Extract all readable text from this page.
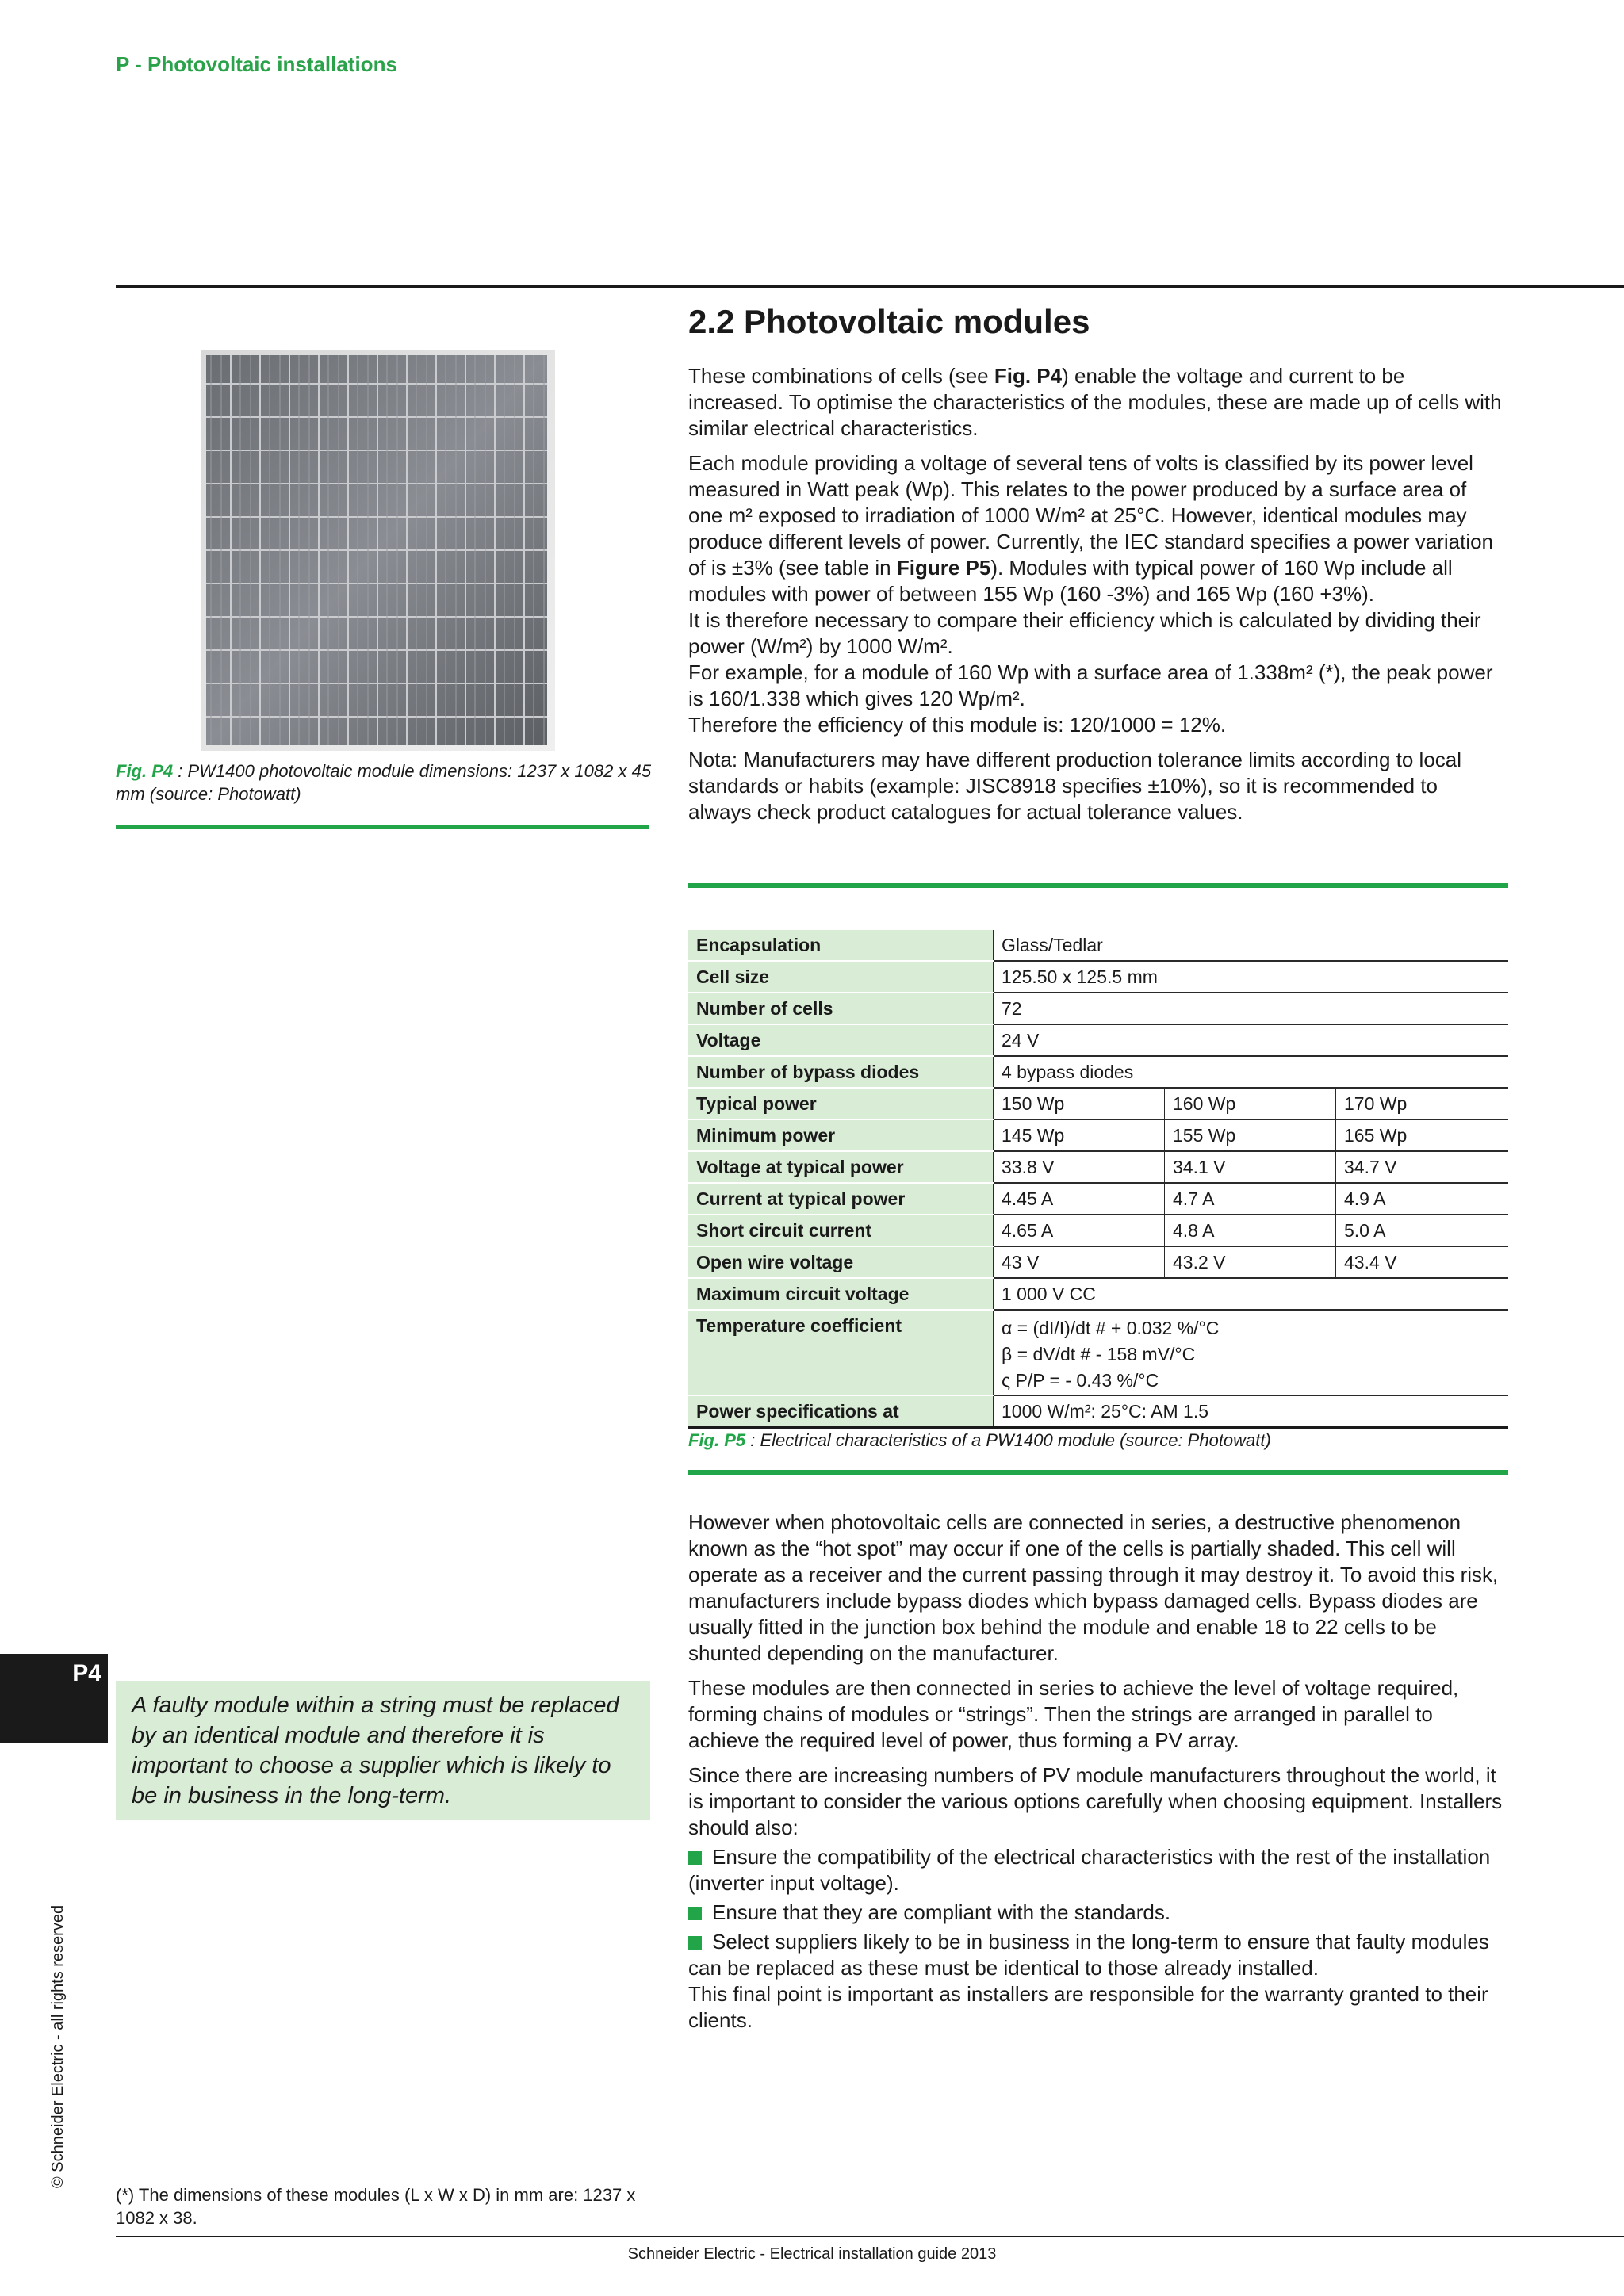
P - Photovoltaic installations
Fig. P4 : PW1400 photovoltaic module dimensions: 1237 x 1082 x 45 mm (source: Photowatt)
2.2 Photovoltaic modules

These combinations of cells (see Fig. P4) enable the voltage and current to be increased. To optimise the characteristics of the modules, these are made up of cells with similar electrical characteristics.

Each module providing a voltage of several tens of volts is classified by its power level measured in Watt peak (Wp). This relates to the power produced by a surface area of one m² exposed to irradiation of 1000 W/m² at 25°C. However, identical modules may produce different levels of power. Currently, the IEC standard specifies a power variation of is ±3% (see table in Figure P5). Modules with typical power of 160 Wp include all modules with power of between 155 Wp (160 -3%) and 165 Wp (160 +3%).

It is therefore necessary to compare their efficiency which is calculated by dividing their power (W/m²) by 1000 W/m².

For example, for a module of 160 Wp with a surface area of 1.338m² (*), the peak power is 160/1.338 which gives 120 Wp/m².

Therefore the efficiency of this module is: 120/1000 = 12%.

Nota: Manufacturers may have different production tolerance limits according to local standards or habits (example: JISC8918 specifies ±10%), so it is recommended to always check product catalogues for actual tolerance values.

Encapsulation	Glass/Tedlar		
Cell size	125.50 x 125.5 mm		
Number of cells	72		
Voltage	24 V		
Number of bypass diodes	4 bypass diodes		
Typical power	150 Wp	160 Wp	170 Wp
Minimum power	145 Wp	155 Wp	165 Wp
Voltage at typical power	33.8 V	34.1 V	34.7 V
Current at typical power	4.45 A	4.7 A	4.9 A
Short circuit current	4.65 A	4.8 A	5.0 A
Open wire voltage	43 V	43.2 V	43.4 V
Maximum circuit voltage	1 000 V CC		
Temperature coefficient	α = (dI/I)/dt # + 0.032 %/°C
β = dV/dt # - 158 mV/°C
ς P/P = - 0.43 %/°C		

Power specifications at	1000 W/m²: 25°C: AM 1.5		
Fig. P5 : Electrical characteristics of a PW1400 module (source: Photowatt)

However when photovoltaic cells are connected in series, a destructive phenomenon known as the “hot spot” may occur if one of the cells is partially shaded. This cell will operate as a receiver and the current passing through it may destroy it. To avoid this risk, manufacturers include bypass diodes which bypass damaged cells. Bypass diodes are usually fitted in the junction box behind the module and enable 18 to 22 cells to be shunted depending on the manufacturer.

These modules are then connected in series to achieve the level of voltage required, forming chains of modules or “strings”. Then the strings are arranged in parallel to achieve the required level of power, thus forming a PV array.

Since there are increasing numbers of PV module manufacturers throughout the world, it is important to consider the various options carefully when choosing equipment. Installers should also:

Ensure the compatibility of the electrical characteristics with the rest of the installation (inverter input voltage).

Ensure that they are compliant with the standards.

Select suppliers likely to be in business in the long-term to ensure that faulty modules can be replaced as these must be identical to those already installed.

This final point is important as installers are responsible for the warranty granted to their clients.

P4
A faulty module within a string must be replaced by an identical module and therefore it is important to choose a supplier which is likely to be in business in the long-term.
© Schneider Electric - all rights reserved
(*) The dimensions of these modules (L x W x D) in mm are: 1237 x 1082 x 38.
Schneider Electric - Electrical installation guide 2013
